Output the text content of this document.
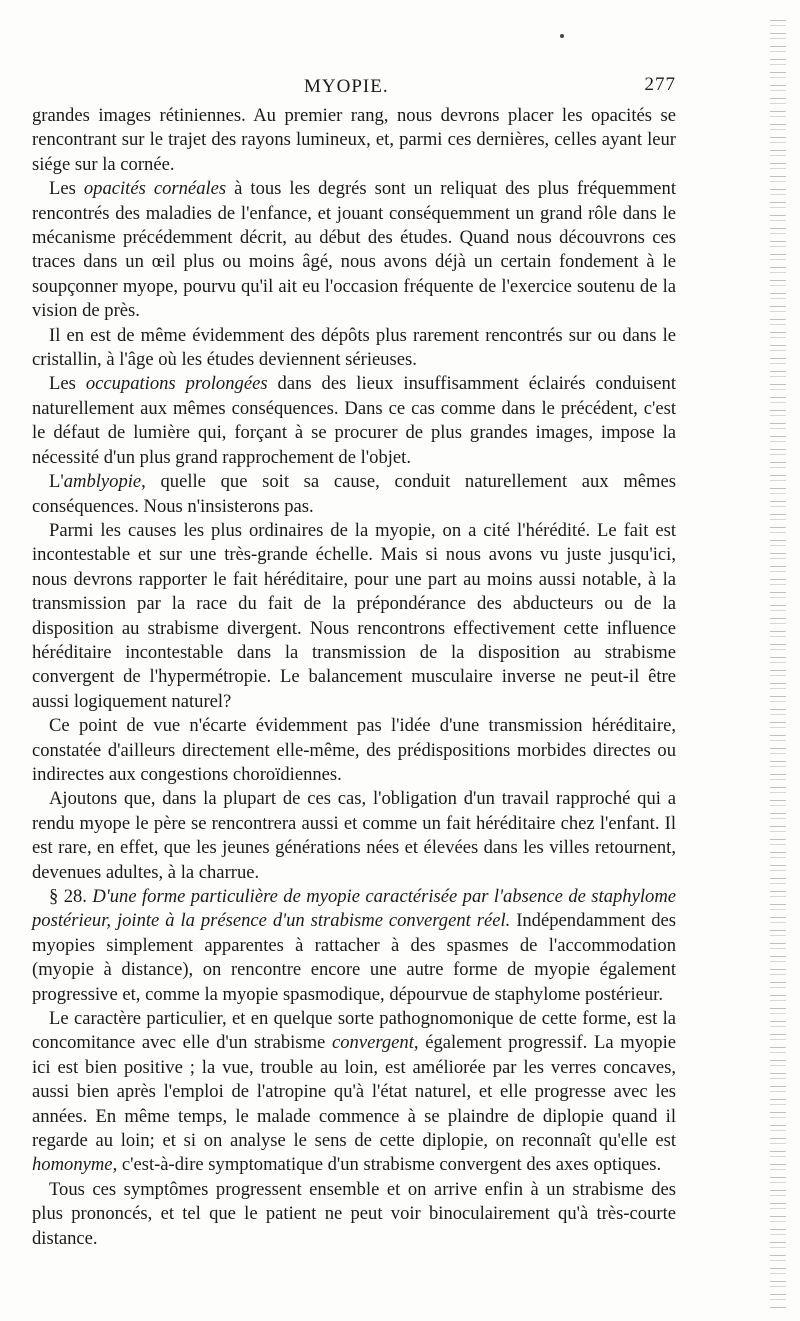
MYOPIE.	277

grandes images rétiniennes. Au premier rang, nous devrons placer les opacités se rencontrant sur le trajet des rayons lumineux, et, parmi ces dernières, celles ayant leur siége sur la cornée.

Les opacités cornéales à tous les degrés sont un reliquat des plus fréquemment rencontrés des maladies de l'enfance, et jouant conséquemment un grand rôle dans le mécanisme précédemment décrit, au début des études. Quand nous découvrons ces traces dans un œil plus ou moins âgé, nous avons déjà un certain fondement à le soupçonner myope, pourvu qu'il ait eu l'occasion fréquente de l'exercice soutenu de la vision de près.

Il en est de même évidemment des dépôts plus rarement rencontrés sur ou dans le cristallin, à l'âge où les études deviennent sérieuses.

Les occupations prolongées dans des lieux insuffisamment éclairés conduisent naturellement aux mêmes conséquences. Dans ce cas comme dans le précédent, c'est le défaut de lumière qui, forçant à se procurer de plus grandes images, impose la nécessité d'un plus grand rapprochement de l'objet.

L'amblyopie, quelle que soit sa cause, conduit naturellement aux mêmes conséquences. Nous n'insisterons pas.

Parmi les causes les plus ordinaires de la myopie, on a cité l'hérédité. Le fait est incontestable et sur une très-grande échelle. Mais si nous avons vu juste jusqu'ici, nous devrons rapporter le fait héréditaire, pour une part au moins aussi notable, à la transmission par la race du fait de la prépondérance des abducteurs ou de la disposition au strabisme divergent. Nous rencontrons effectivement cette influence héréditaire incontestable dans la transmission de la disposition au strabisme convergent de l'hypermétropie. Le balancement musculaire inverse ne peut-il être aussi logiquement naturel?

Ce point de vue n'écarte évidemment pas l'idée d'une transmission héréditaire, constatée d'ailleurs directement elle-même, des prédispositions morbides directes ou indirectes aux congestions choroïdiennes.

Ajoutons que, dans la plupart de ces cas, l'obligation d'un travail rapproché qui a rendu myope le père se rencontrera aussi et comme un fait héréditaire chez l'enfant. Il est rare, en effet, que les jeunes générations nées et élevées dans les villes retournent, devenues adultes, à la charrue.

§ 28. D'une forme particulière de myopie caractérisée par l'absence de staphylome postérieur, jointe à la présence d'un strabisme convergent réel. Indépendamment des myopies simplement apparentes à rattacher à des spasmes de l'accommodation (myopie à distance), on rencontre encore une autre forme de myopie également progressive et, comme la myopie spasmodique, dépourvue de staphylome postérieur.

Le caractère particulier, et en quelque sorte pathognomonique de cette forme, est la concomitance avec elle d'un strabisme convergent, également progressif. La myopie ici est bien positive ; la vue, trouble au loin, est améliorée par les verres concaves, aussi bien après l'emploi de l'atropine qu'à l'état naturel, et elle progresse avec les années. En même temps, le malade commence à se plaindre de diplopie quand il regarde au loin; et si on analyse le sens de cette diplopie, on reconnaît qu'elle est homonyme, c'est-à-dire symptomatique d'un strabisme convergent des axes optiques.

Tous ces symptômes progressent ensemble et on arrive enfin à un strabisme des plus prononcés, et tel que le patient ne peut voir binoculairement qu'à très-courte distance.
